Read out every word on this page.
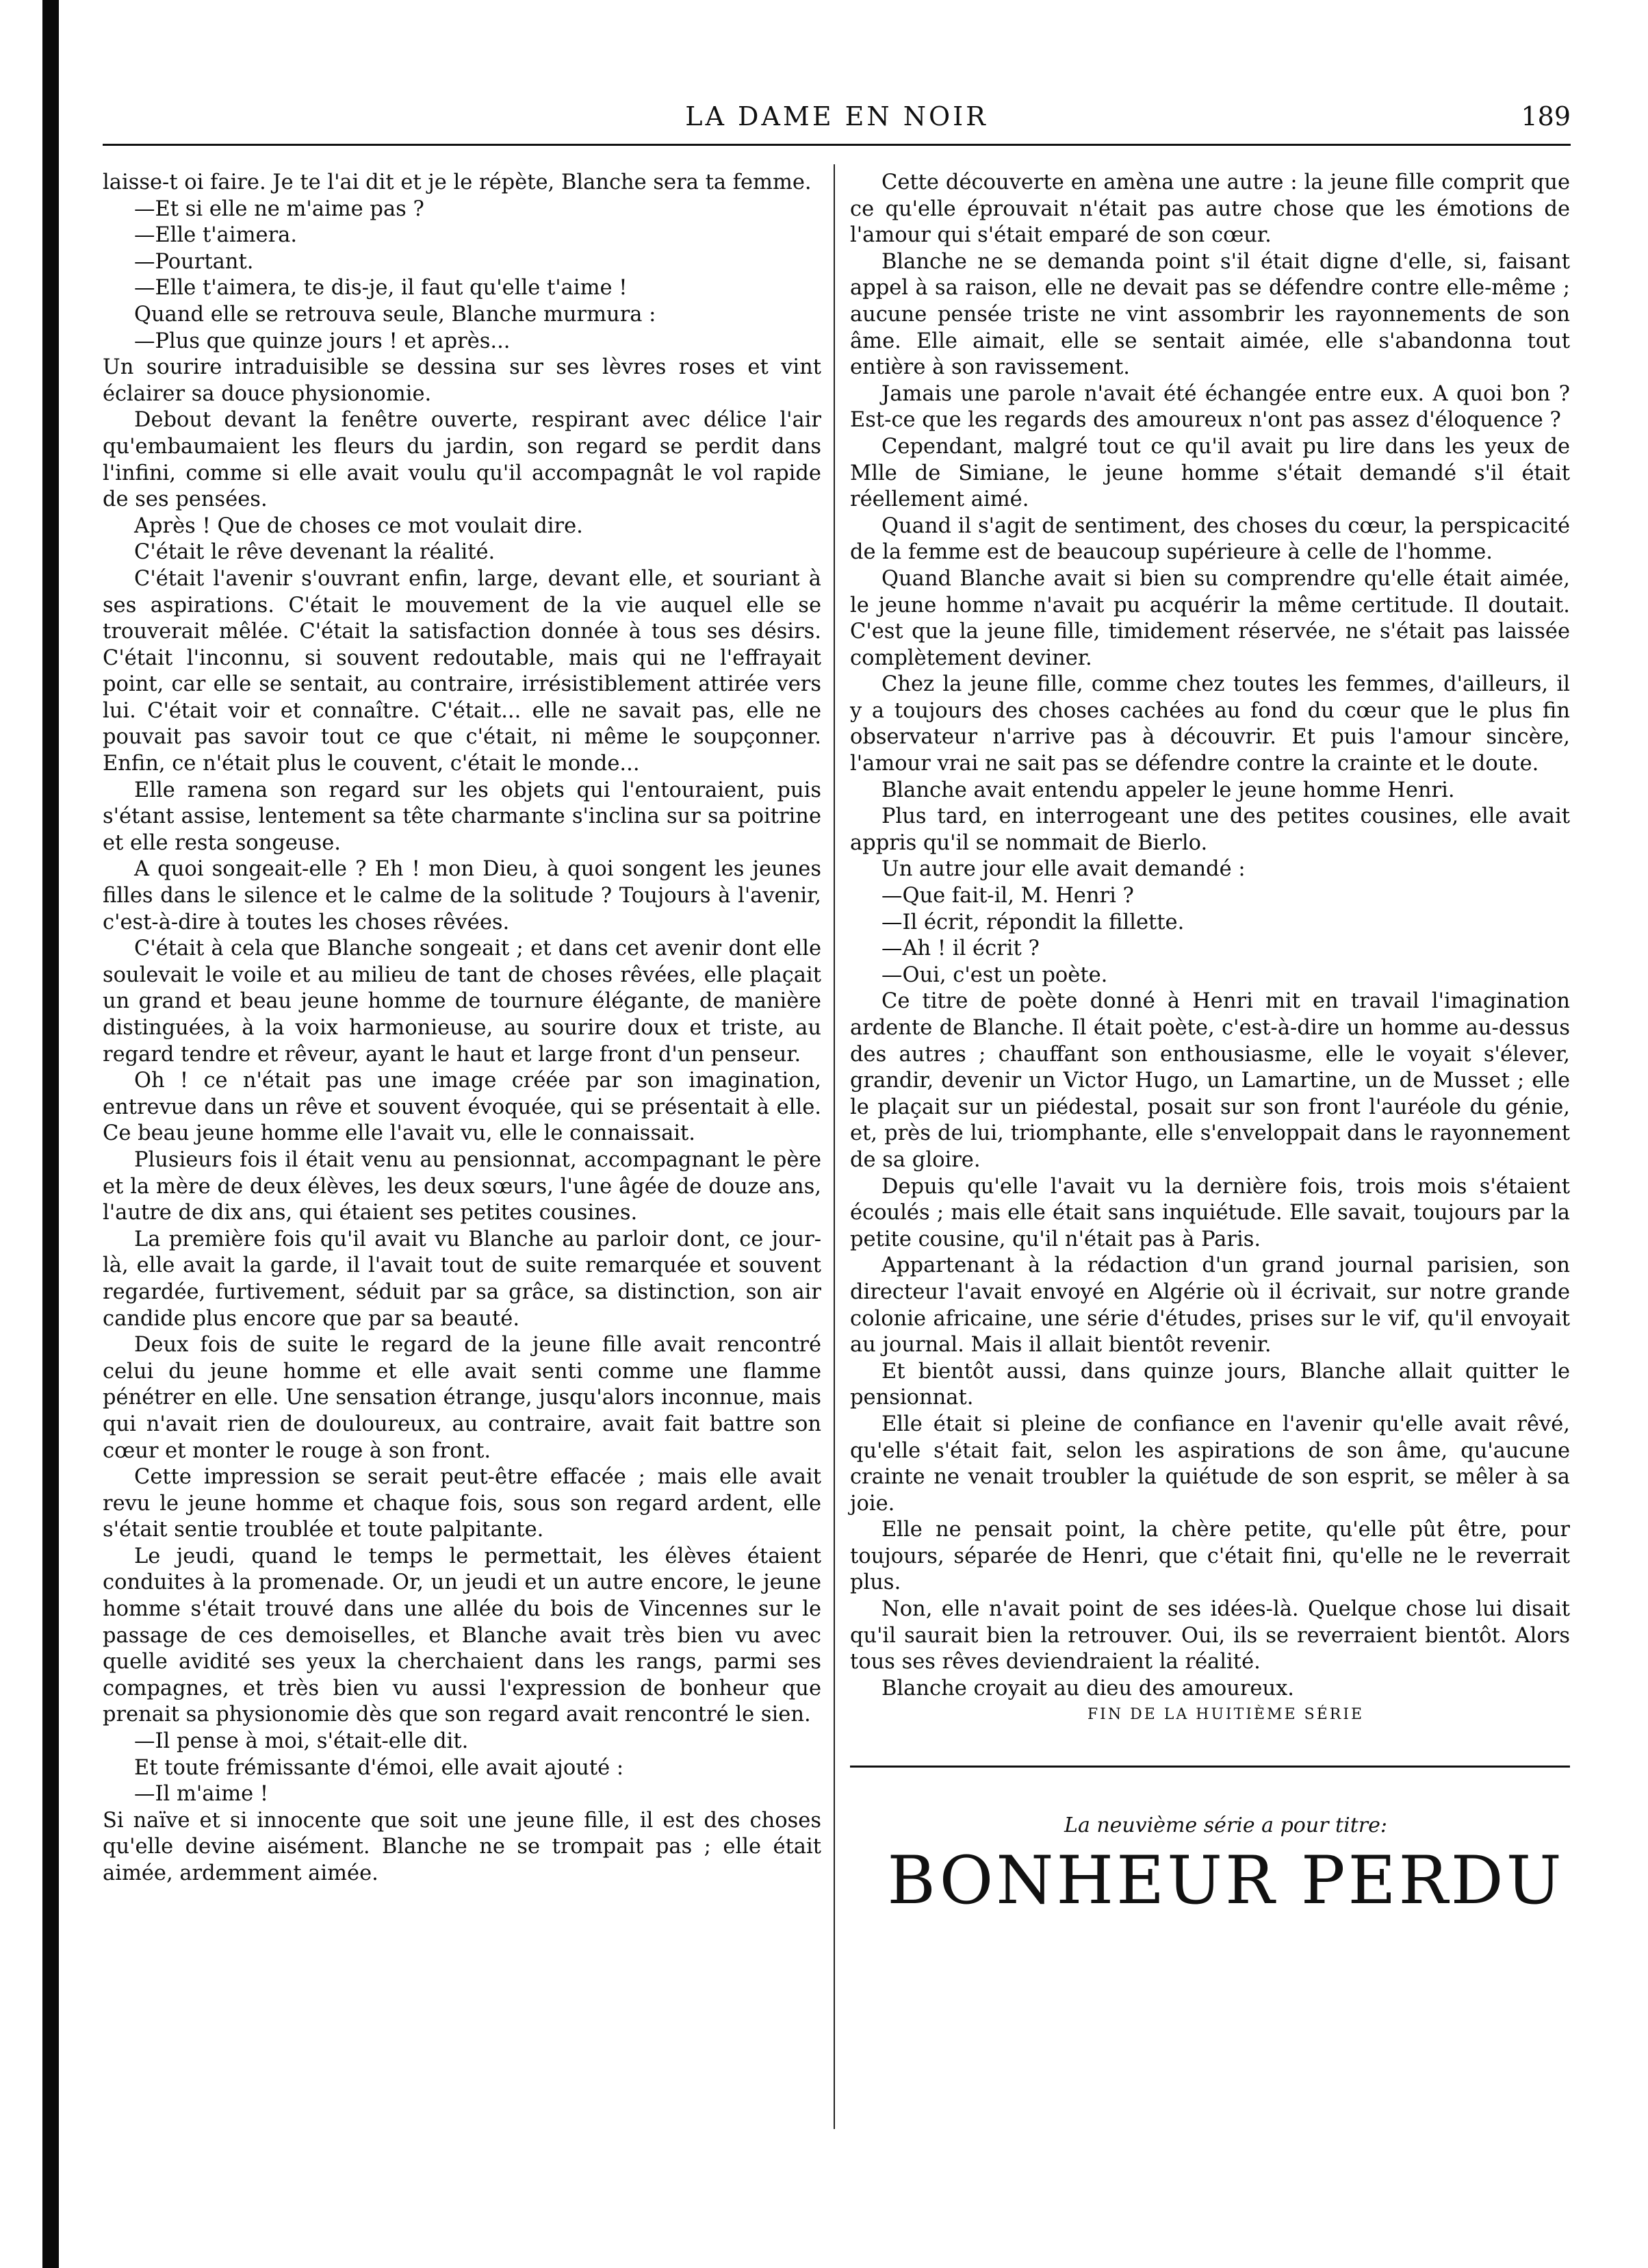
LA DAME EN NOIR	189

laisse-t oi faire. Je te l'ai dit et je le répète, Blanche sera ta femme.

—Et si elle ne m'aime pas ?

—Elle t'aimera.

—Pourtant.

—Elle t'aimera, te dis-je, il faut qu'elle t'aime !

Quand elle se retrouva seule, Blanche murmura :

—Plus que quinze jours ! et après...

Un sourire intraduisible se dessina sur ses lèvres roses et vint éclairer sa douce physionomie.

Debout devant la fenêtre ouverte, respirant avec délice l'air qu'embaumaient les fleurs du jardin, son regard se perdit dans l'infini, comme si elle avait voulu qu'il accompagnât le vol rapide de ses pensées.

Après ! Que de choses ce mot voulait dire.

C'était le rêve devenant la réalité.

C'était l'avenir s'ouvrant enfin, large, devant elle, et souriant à ses aspirations. C'était le mouvement de la vie auquel elle se trouverait mêlée. C'était la satisfaction donnée à tous ses désirs. C'était l'inconnu, si souvent redoutable, mais qui ne l'effrayait point, car elle se sentait, au contraire, irrésistiblement attirée vers lui. C'était voir et connaître. C'était... elle ne savait pas, elle ne pouvait pas savoir tout ce que c'était, ni même le soupçonner. Enfin, ce n'était plus le couvent, c'était le monde...

Elle ramena son regard sur les objets qui l'entouraient, puis s'étant assise, lentement sa tête charmante s'inclina sur sa poitrine et elle resta songeuse.

A quoi songeait-elle ? Eh ! mon Dieu, à quoi songent les jeunes filles dans le silence et le calme de la solitude ? Toujours à l'avenir, c'est-à-dire à toutes les choses rêvées.

C'était à cela que Blanche songeait ; et dans cet avenir dont elle soulevait le voile et au milieu de tant de choses rêvées, elle plaçait un grand et beau jeune homme de tournure élégante, de manière distinguées, à la voix harmonieuse, au sourire doux et triste, au regard tendre et rêveur, ayant le haut et large front d'un penseur.

Oh ! ce n'était pas une image créée par son imagination, entrevue dans un rêve et souvent évoquée, qui se présentait à elle. Ce beau jeune homme elle l'avait vu, elle le connaissait.

Plusieurs fois il était venu au pensionnat, accompagnant le père et la mère de deux élèves, les deux sœurs, l'une âgée de douze ans, l'autre de dix ans, qui étaient ses petites cousines.

La première fois qu'il avait vu Blanche au parloir dont, ce jour-là, elle avait la garde, il l'avait tout de suite remarquée et souvent regardée, furtivement, séduit par sa grâce, sa distinction, son air candide plus encore que par sa beauté.

Deux fois de suite le regard de la jeune fille avait rencontré celui du jeune homme et elle avait senti comme une flamme pénétrer en elle. Une sensation étrange, jusqu'alors inconnue, mais qui n'avait rien de douloureux, au contraire, avait fait battre son cœur et monter le rouge à son front.

Cette impression se serait peut-être effacée ; mais elle avait revu le jeune homme et chaque fois, sous son regard ardent, elle s'était sentie troublée et toute palpitante.

Le jeudi, quand le temps le permettait, les élèves étaient conduites à la promenade. Or, un jeudi et un autre encore, le jeune homme s'était trouvé dans une allée du bois de Vincennes sur le passage de ces demoiselles, et Blanche avait très bien vu avec quelle avidité ses yeux la cherchaient dans les rangs, parmi ses compagnes, et très bien vu aussi l'expression de bonheur que prenait sa physionomie dès que son regard avait rencontré le sien.

—Il pense à moi, s'était-elle dit.

Et toute frémissante d'émoi, elle avait ajouté :

—Il m'aime !

Si naïve et si innocente que soit une jeune fille, il est des choses qu'elle devine aisément. Blanche ne se trompait pas ; elle était aimée, ardemment aimée.

Cette découverte en amèna une autre : la jeune fille comprit que ce qu'elle éprouvait n'était pas autre chose que les émotions de l'amour qui s'était emparé de son cœur.

Blanche ne se demanda point s'il était digne d'elle, si, faisant appel à sa raison, elle ne devait pas se défendre contre elle-même ; aucune pensée triste ne vint assombrir les rayonnements de son âme. Elle aimait, elle se sentait aimée, elle s'abandonna tout entière à son ravissement.

Jamais une parole n'avait été échangée entre eux. A quoi bon ? Est-ce que les regards des amoureux n'ont pas assez d'éloquence ?

Cependant, malgré tout ce qu'il avait pu lire dans les yeux de Mlle de Simiane, le jeune homme s'était demandé s'il était réellement aimé.

Quand il s'agit de sentiment, des choses du cœur, la perspicacité de la femme est de beaucoup supérieure à celle de l'homme.

Quand Blanche avait si bien su comprendre qu'elle était aimée, le jeune homme n'avait pu acquérir la même certitude. Il doutait. C'est que la jeune fille, timidement réservée, ne s'était pas laissée complètement deviner.

Chez la jeune fille, comme chez toutes les femmes, d'ailleurs, il y a toujours des choses cachées au fond du cœur que le plus fin observateur n'arrive pas à découvrir. Et puis l'amour sincère, l'amour vrai ne sait pas se défendre contre la crainte et le doute.

Blanche avait entendu appeler le jeune homme Henri.

Plus tard, en interrogeant une des petites cousines, elle avait appris qu'il se nommait de Bierlo.

Un autre jour elle avait demandé :

—Que fait-il, M. Henri ?

—Il écrit, répondit la fillette.

—Ah ! il écrit ?

—Oui, c'est un poète.

Ce titre de poète donné à Henri mit en travail l'imagination ardente de Blanche. Il était poète, c'est-à-dire un homme au-dessus des autres ; chauffant son enthousiasme, elle le voyait s'élever, grandir, devenir un Victor Hugo, un Lamartine, un de Musset ; elle le plaçait sur un piédestal, posait sur son front l'auréole du génie, et, près de lui, triomphante, elle s'enveloppait dans le rayonnement de sa gloire.

Depuis qu'elle l'avait vu la dernière fois, trois mois s'étaient écoulés ; mais elle était sans inquiétude. Elle savait, toujours par la petite cousine, qu'il n'était pas à Paris.

Appartenant à la rédaction d'un grand journal parisien, son directeur l'avait envoyé en Algérie où il écrivait, sur notre grande colonie africaine, une série d'études, prises sur le vif, qu'il envoyait au journal. Mais il allait bientôt revenir.

Et bientôt aussi, dans quinze jours, Blanche allait quitter le pensionnat.

Elle était si pleine de confiance en l'avenir qu'elle avait rêvé, qu'elle s'était fait, selon les aspirations de son âme, qu'aucune crainte ne venait troubler la quiétude de son esprit, se mêler à sa joie.

Elle ne pensait point, la chère petite, qu'elle pût être, pour toujours, séparée de Henri, que c'était fini, qu'elle ne le reverrait plus.

Non, elle n'avait point de ses idées-là. Quelque chose lui disait qu'il saurait bien la retrouver. Oui, ils se reverraient bientôt. Alors tous ses rêves deviendraient la réalité.

Blanche croyait au dieu des amoureux.

FIN DE LA HUITIÈME SÉRIE

La neuvième série a pour titre:

BONHEUR PERDU
